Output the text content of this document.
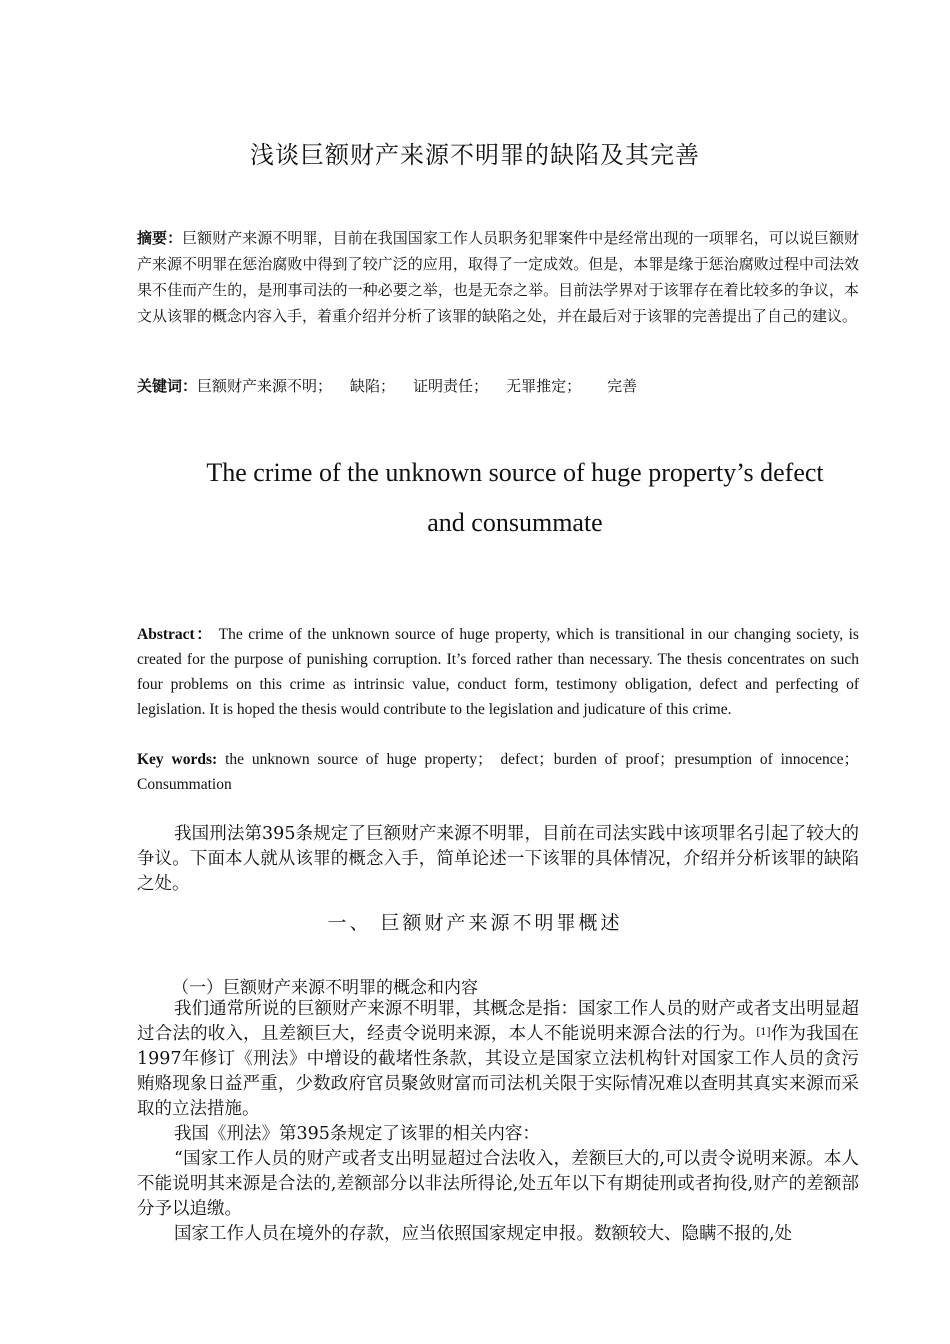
浅谈巨额财产来源不明罪的缺陷及其完善
摘要：巨额财产来源不明罪，目前在我国国家工作人员职务犯罪案件中是经常出现的一项罪名，可以说巨额财产来源不明罪在惩治腐败中得到了较广泛的应用，取得了一定成效。但是，本罪是缘于惩治腐败过程中司法效果不佳而产生的，是刑事司法的一种必要之举，也是无奈之举。目前法学界对于该罪存在着比较多的争议，本文从该罪的概念内容入手，着重介绍并分析了该罪的缺陷之处，并在最后对于该罪的完善提出了自己的建议。
关键词：巨额财产来源不明； 缺陷； 证明责任； 无罪推定； 完善
The crime of the unknown source of huge property’s defect
and consummate
Abstract： The crime of the unknown source of huge property, which is transitional in our changing society, is created for the purpose of punishing corruption. It’s forced rather than necessary. The thesis concentrates on such four problems on this crime as intrinsic value, conduct form, testimony obligation, defect and perfecting of legislation. It is hoped the thesis would contribute to the legislation and judicature of this crime.
Key words: the unknown source of huge property； defect；burden of proof；presumption of innocence；Consummation

我国刑法第395条规定了巨额财产来源不明罪，目前在司法实践中该项罪名引起了较大的争议。下面本人就从该罪的概念入手，简单论述一下该罪的具体情况，介绍并分析该罪的缺陷之处。

一、 巨额财产来源不明罪概述
（一）巨额财产来源不明罪的概念和内容

我们通常所说的巨额财产来源不明罪，其概念是指：国家工作人员的财产或者支出明显超过合法的收入，且差额巨大，经责令说明来源，本人不能说明来源合法的行为。[1]作为我国在1997年修订《刑法》中增设的截堵性条款，其设立是国家立法机构针对国家工作人员的贪污贿赂现象日益严重，少数政府官员聚敛财富而司法机关限于实际情况难以查明其真实来源而采取的立法措施。

我国《刑法》第395条规定了该罪的相关内容：

“国家工作人员的财产或者支出明显超过合法收入，差额巨大的,可以责令说明来源。本人不能说明其来源是合法的,差额部分以非法所得论,处五年以下有期徒刑或者拘役,财产的差额部分予以追缴。

国家工作人员在境外的存款，应当依照国家规定申报。数额较大、隐瞒不报的,处
